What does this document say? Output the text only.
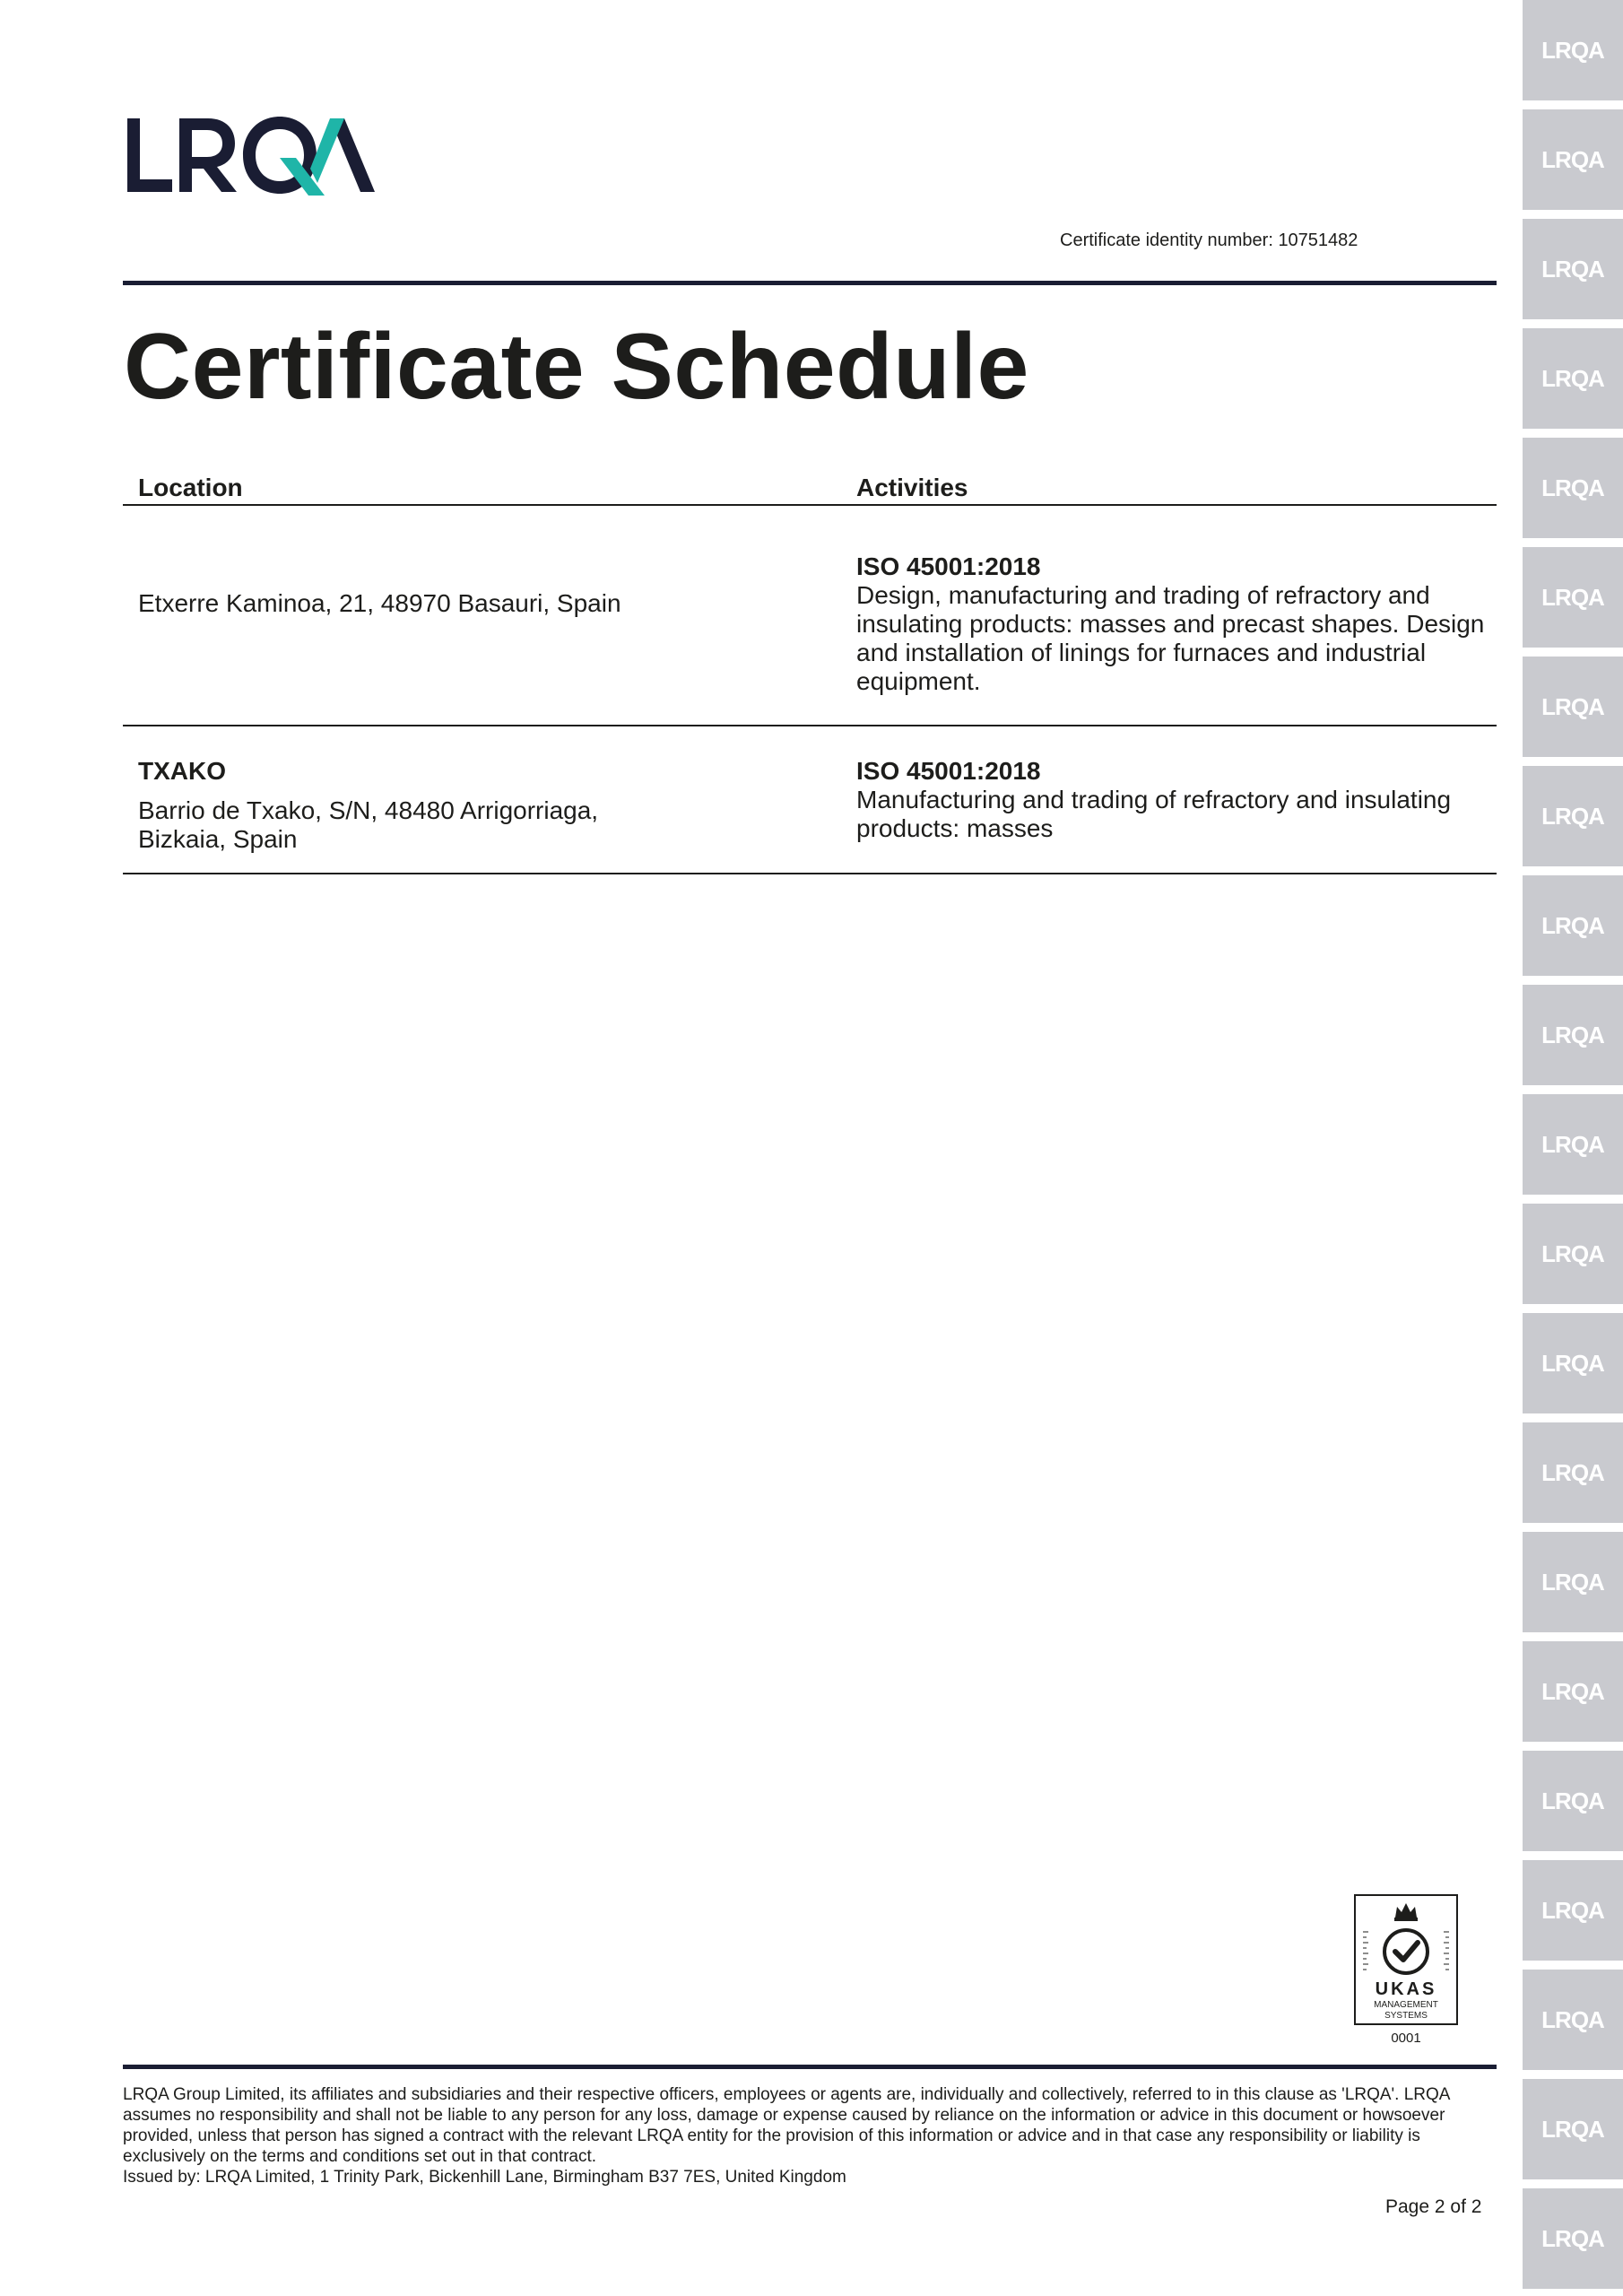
LRQA
LRQA
LRQA
LRQA
LRQA
LRQA
LRQA
LRQA
LRQA
LRQA
LRQA
LRQA
LRQA
LRQA
LRQA
LRQA
LRQA
LRQA
LRQA
LRQA
LRQA
Certificate identity number: 10751482
Certificate Schedule
Location	Activities
Etxerre Kaminoa, 21, 48970 Basauri, Spain
ISO 45001:2018
Design, manufacturing and trading of refractory and
insulating products: masses and precast shapes. Design
and installation of linings for furnaces and industrial
equipment.
TXAKO
Barrio de Txako, S/N, 48480 Arrigorriaga,
Bizkaia, Spain
ISO 45001:2018
Manufacturing and trading of refractory and insulating
products: masses
UKAS
MANAGEMENT
SYSTEMS
0001
LRQA Group Limited, its affiliates and subsidiaries and their respective officers, employees or agents are, individually and collectively, referred to in this clause as 'LRQA'. LRQA
assumes no responsibility and shall not be liable to any person for any loss, damage or expense caused by reliance on the information or advice in this document or howsoever
provided, unless that person has signed a contract with the relevant LRQA entity for the provision of this information or advice and in that case any responsibility or liability is
exclusively on the terms and conditions set out in that contract.
Issued by: LRQA Limited, 1 Trinity Park, Bickenhill Lane, Birmingham B37 7ES, United Kingdom
Page 2 of 2
